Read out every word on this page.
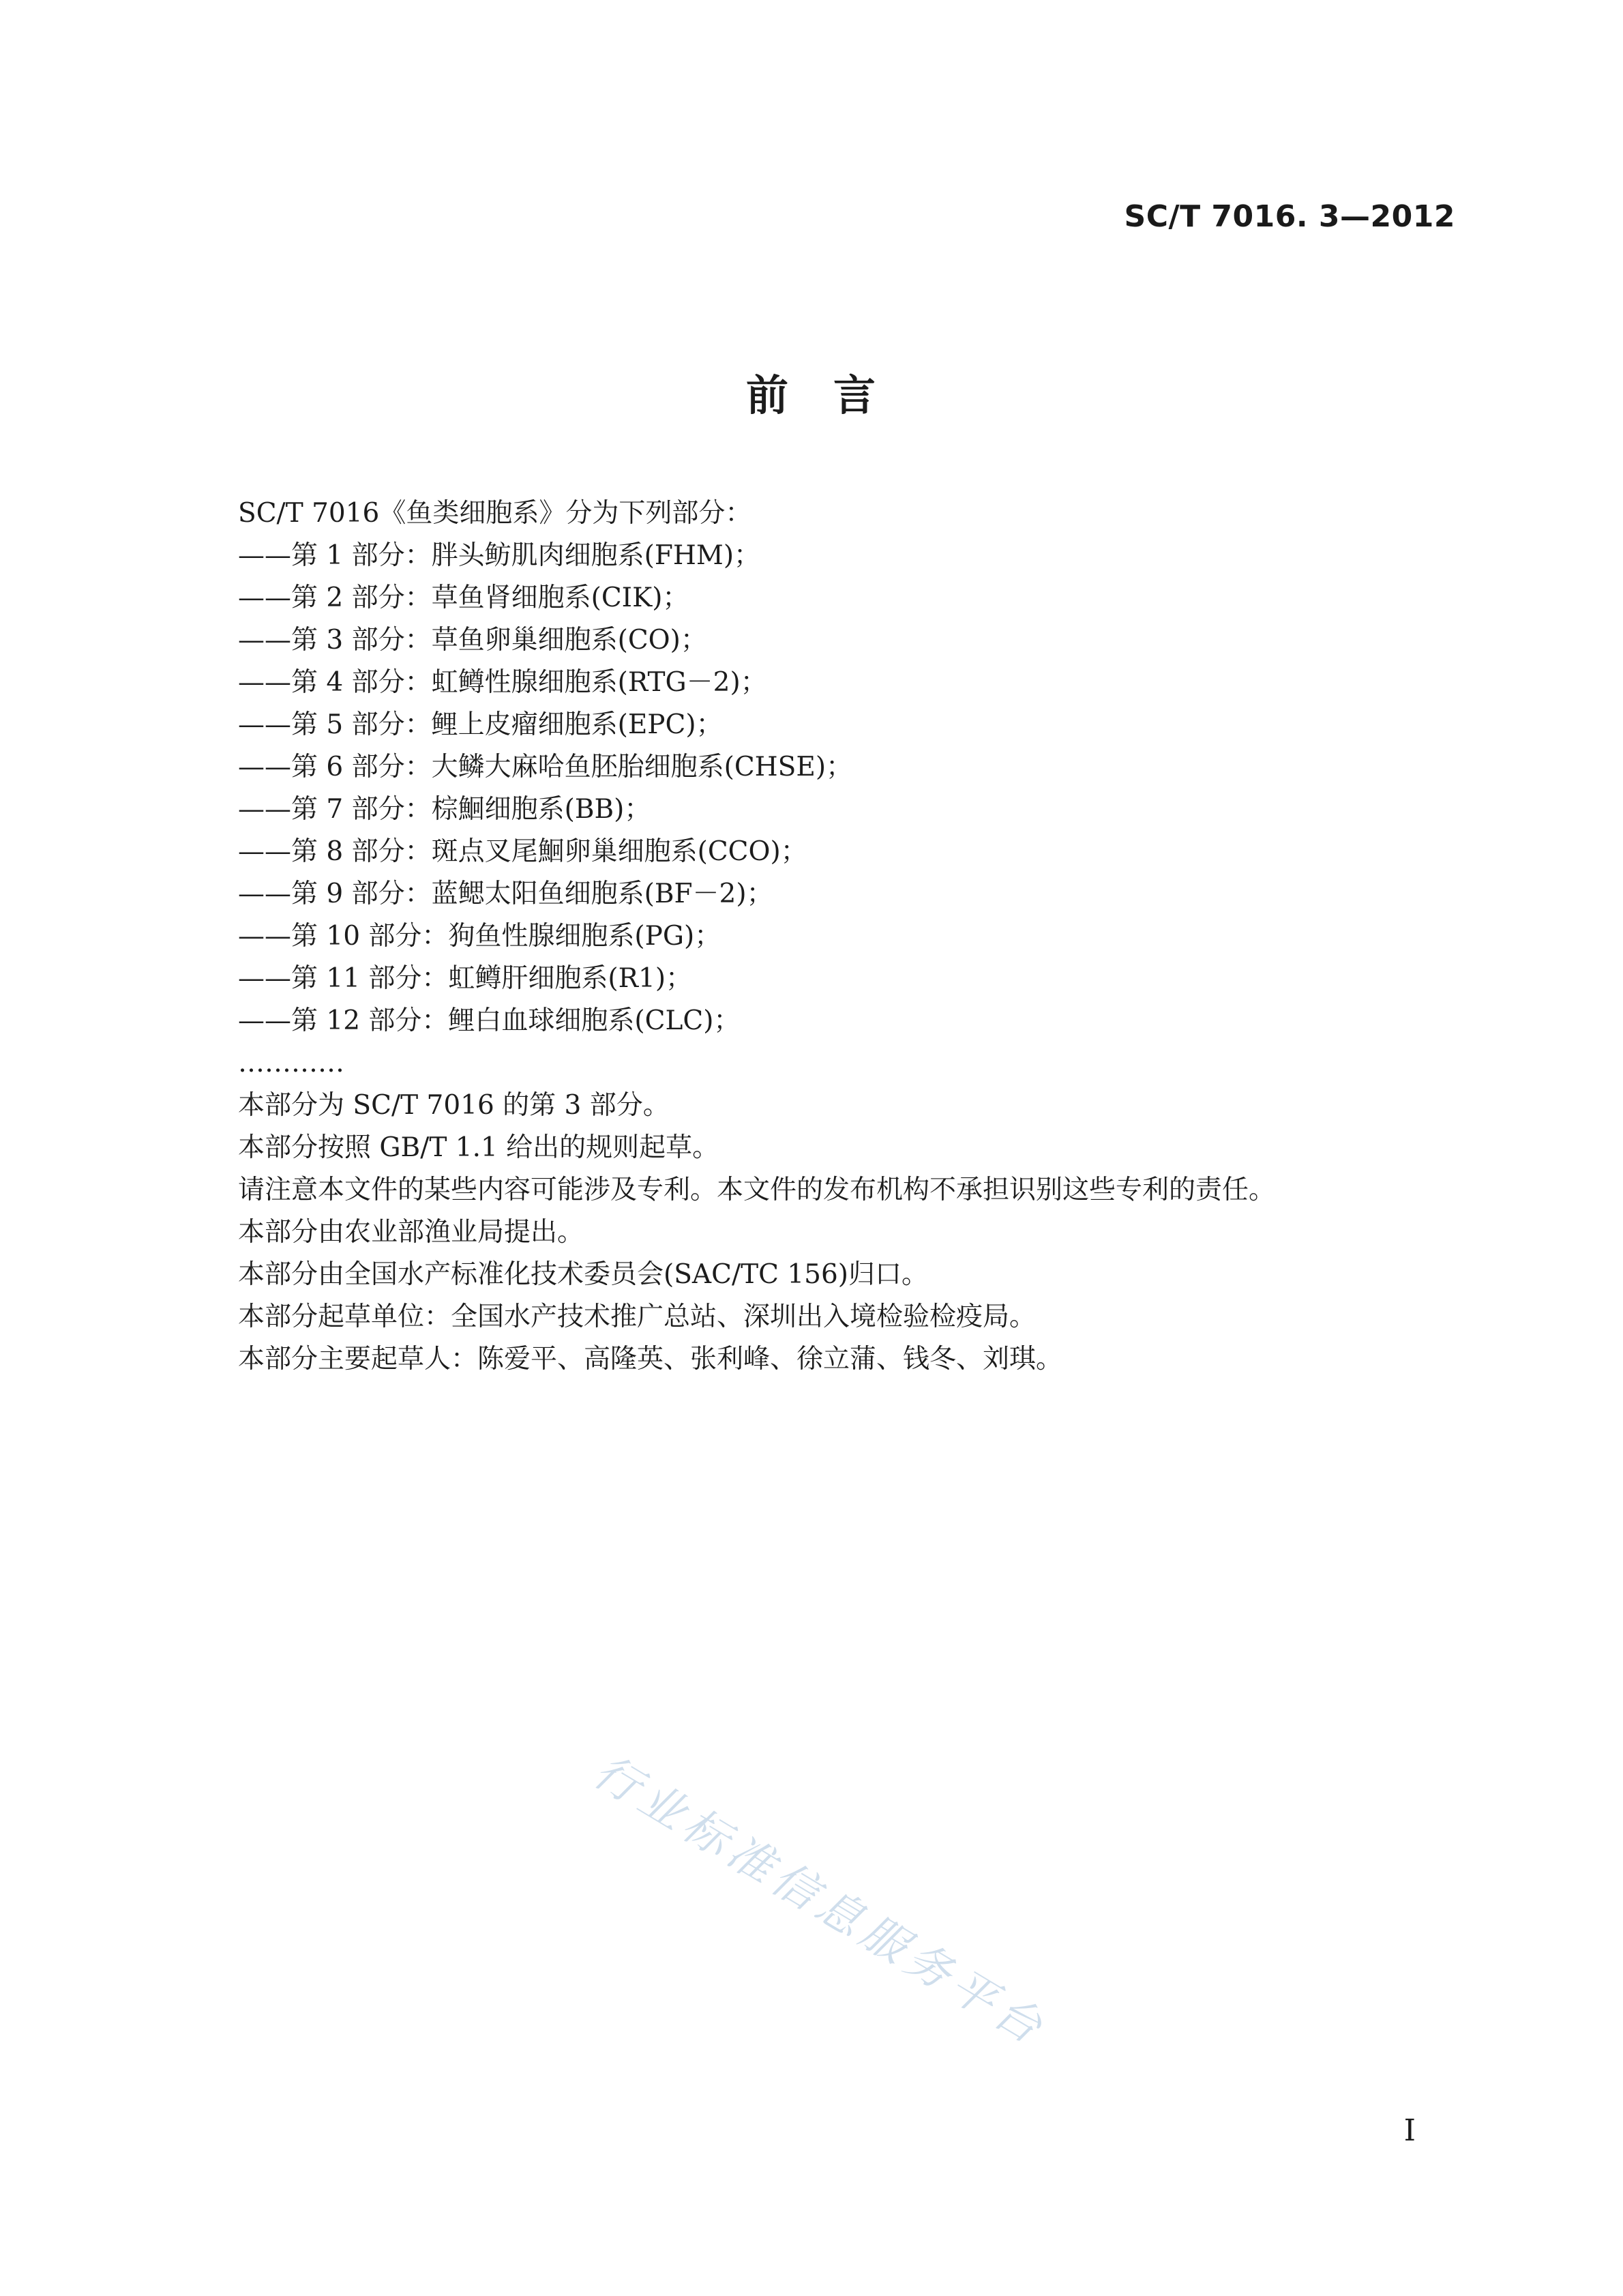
SC/T 7016. 3—2012
前　言
SC/T 7016《鱼类细胞系》分为下列部分：
——第 1 部分：胖头鲂肌肉细胞系(FHM)；
——第 2 部分：草鱼肾细胞系(CIK)；
——第 3 部分：草鱼卵巢细胞系(CO)；
——第 4 部分：虹鳟性腺细胞系(RTG－2)；
——第 5 部分：鲤上皮瘤细胞系(EPC)；
——第 6 部分：大鳞大麻哈鱼胚胎细胞系(CHSE)；
——第 7 部分：棕鮰细胞系(BB)；
——第 8 部分：斑点叉尾鮰卵巢细胞系(CCO)；
——第 9 部分：蓝鳃太阳鱼细胞系(BF－2)；
——第 10 部分：狗鱼性腺细胞系(PG)；
——第 11 部分：虹鳟肝细胞系(R1)；
——第 12 部分：鲤白血球细胞系(CLC)；
…………
本部分为 SC/T 7016 的第 3 部分。
本部分按照 GB/T 1.1 给出的规则起草。
请注意本文件的某些内容可能涉及专利。本文件的发布机构不承担识别这些专利的责任。
本部分由农业部渔业局提出。
本部分由全国水产标准化技术委员会(SAC/TC 156)归口。
本部分起草单位：全国水产技术推广总站、深圳出入境检验检疫局。
本部分主要起草人：陈爱平、高隆英、张利峰、徐立蒲、钱冬、刘琪。
行业标准信息服务平台
I
